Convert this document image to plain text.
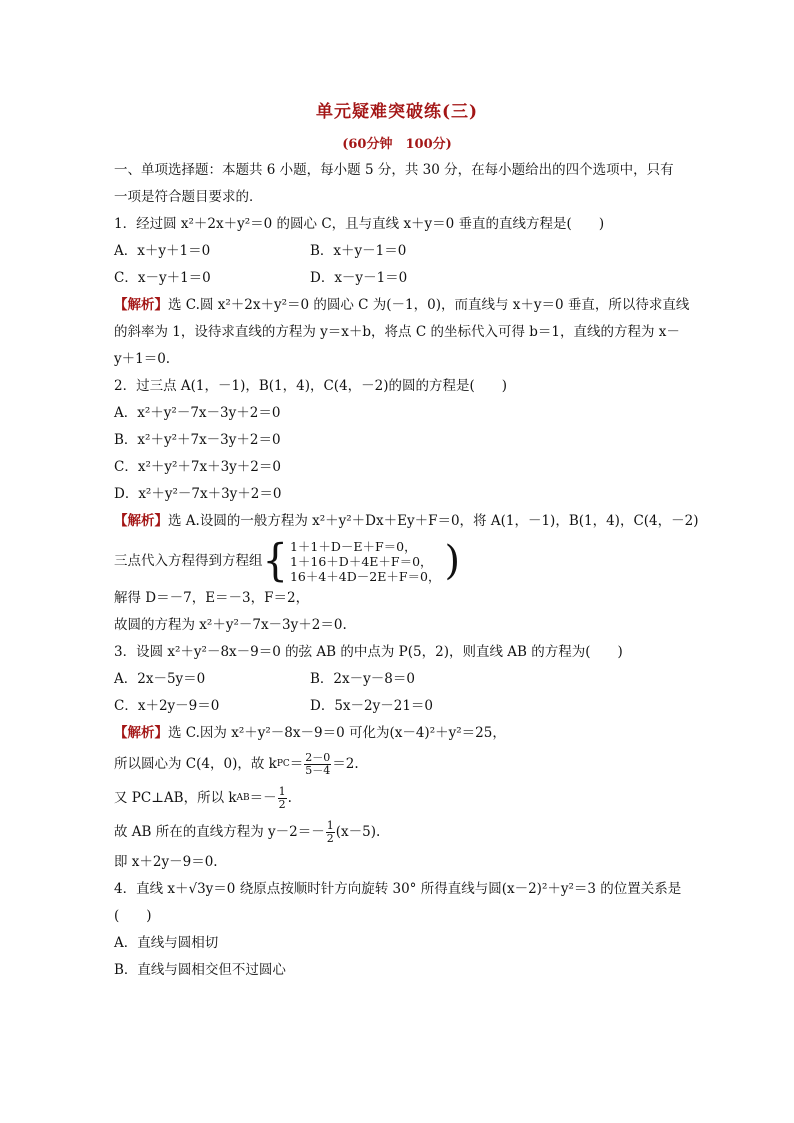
单元疑难突破练(三)
(60分钟　100分)
一、单项选择题：本题共 6 小题，每小题 5 分，共 30 分，在每小题给出的四个选项中，只有
一项是符合题目要求的．
1．经过圆 x²＋2x＋y²＝0 的圆心 C，且与直线 x＋y＝0 垂直的直线方程是(　　)
A．x＋y＋1＝0	B．x＋y－1＝0
C．x－y＋1＝0	D．x－y－1＝0
【解析】选 C.圆 x²＋2x＋y²＝0 的圆心 C 为(－1，0)，而直线与 x＋y＝0 垂直，所以待求直线
的斜率为 1，设待求直线的方程为 y＝x＋b，将点 C 的坐标代入可得 b＝1，直线的方程为 x－
y＋1＝0.
2．过三点 A(1，－1)，B(1，4)，C(4，－2)的圆的方程是(　　)
A．x²＋y²－7x－3y＋2＝0
B．x²＋y²＋7x－3y＋2＝0
C．x²＋y²＋7x＋3y＋2＝0
D．x²＋y²－7x＋3y＋2＝0
【解析】选 A.设圆的一般方程为 x²＋y²＋Dx＋Ey＋F＝0，将 A(1，－1)，B(1，4)，C(4，－2)
三点代入方程得到方程组 { 1＋1＋D－E＋F＝0，
1＋16＋D＋4E＋F＝0，
16＋4＋4D－2E＋F＝0， )
解得 D＝－7，E＝－3，F＝2，
故圆的方程为 x²＋y²－7x－3y＋2＝0.
3．设圆 x²＋y²－8x－9＝0 的弦 AB 的中点为 P(5，2)，则直线 AB 的方程为(　　)
A．2x－5y＝0	B．2x－y－8＝0
C．x＋2y－9＝0	D．5x－2y－21＝0
【解析】选 C.因为 x²＋y²－8x－9＝0 可化为(x－4)²＋y²＝25，
所以圆心为 C(4，0)，故 k PC ＝ $\frac{2-0}{5-4} =2$.
又 PC⊥AB，所以 k AB ＝－ $\frac{1}{2}$ .
故 AB 所在的直线方程为 $y-2=- \frac{1}{2} (x-5)$.
即 x＋2y－9＝0.
4．直线 x＋√3y＝0 绕原点按顺时针方向旋转 30° 所得直线与圆(x－2)²＋y²＝3 的位置关系是
(　　)
A．直线与圆相切
B．直线与圆相交但不过圆心
